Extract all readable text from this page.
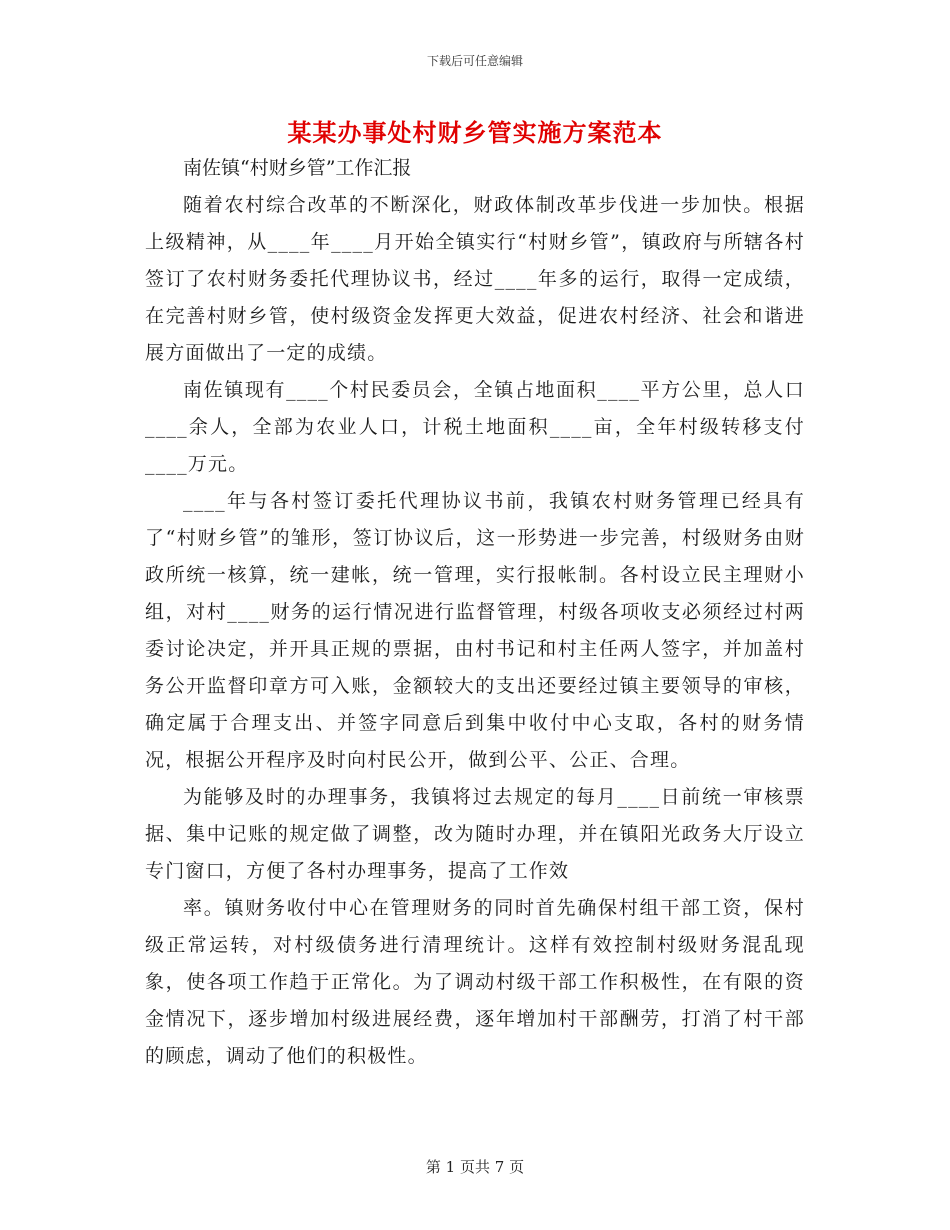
下载后可任意编辑
某某办事处村财乡管实施方案范本

南佐镇“村财乡管”工作汇报

随着农村综合改革的不断深化，财政体制改革步伐进一步加快。根据上级精神，从____年____月开始全镇实行“村财乡管”，镇政府与所辖各村签订了农村财务委托代理协议书，经过____年多的运行，取得一定成绩，在完善村财乡管，使村级资金发挥更大效益，促进农村经济、社会和谐进展方面做出了一定的成绩。

南佐镇现有____个村民委员会，全镇占地面积____平方公里，总人口____余人，全部为农业人口，计税土地面积____亩，全年村级转移支付____万元。

____年与各村签订委托代理协议书前，我镇农村财务管理已经具有了“村财乡管”的雏形，签订协议后，这一形势进一步完善，村级财务由财政所统一核算，统一建帐，统一管理，实行报帐制。各村设立民主理财小组，对村____财务的运行情况进行监督管理，村级各项收支必须经过村两委讨论决定，并开具正规的票据，由村书记和村主任两人签字，并加盖村务公开监督印章方可入账，金额较大的支出还要经过镇主要领导的审核，确定属于合理支出、并签字同意后到集中收付中心支取，各村的财务情况，根据公开程序及时向村民公开，做到公平、公正、合理。

为能够及时的办理事务，我镇将过去规定的每月____日前统一审核票据、集中记账的规定做了调整，改为随时办理，并在镇阳光政务大厅设立专门窗口，方便了各村办理事务，提高了工作效

率。镇财务收付中心在管理财务的同时首先确保村组干部工资，保村级正常运转，对村级债务进行清理统计。这样有效控制村级财务混乱现象，使各项工作趋于正常化。为了调动村级干部工作积极性，在有限的资金情况下，逐步增加村级进展经费，逐年增加村干部酬劳，打消了村干部的顾虑，调动了他们的积极性。

第 1 页共 7 页
